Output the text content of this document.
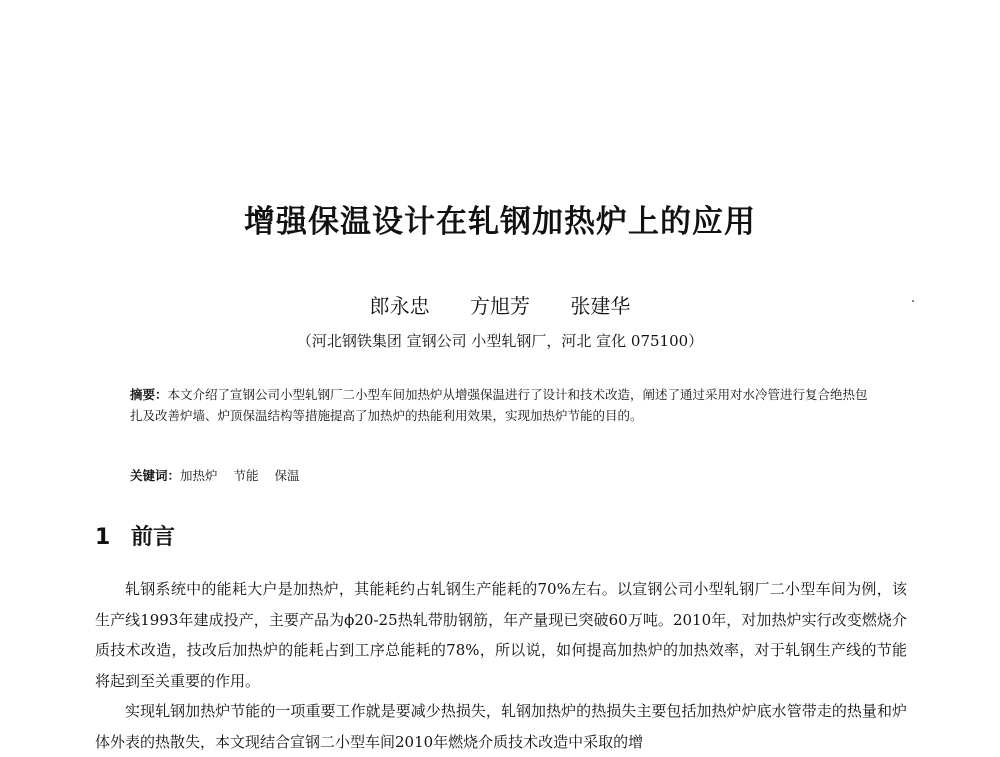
增强保温设计在轧钢加热炉上的应用
郎永忠 方旭芳 张建华
（河北钢铁集团 宣钢公司 小型轧钢厂，河北 宣化 075100）
摘要：本文介绍了宣钢公司小型轧钢厂二小型车间加热炉从增强保温进行了设计和技术改造，阐述了通过采用对水冷管进行复合绝热包扎及改善炉墙、炉顶保温结构等措施提高了加热炉的热能利用效果，实现加热炉节能的目的。
关键词：加热炉 节能 保温
1 前言

轧钢系统中的能耗大户是加热炉，其能耗约占轧钢生产能耗的70%左右。以宣钢公司小型轧钢厂二小型车间为例，该生产线1993年建成投产，主要产品为ϕ20-25热轧带肋钢筋，年产量现已突破60万吨。2010年，对加热炉实行改变燃烧介质技术改造，技改后加热炉的能耗占到工序总能耗的78%，所以说，如何提高加热炉的加热效率，对于轧钢生产线的节能将起到至关重要的作用。

实现轧钢加热炉节能的一项重要工作就是要减少热损失，轧钢加热炉的热损失主要包括加热炉炉底水管带走的热量和炉体外表的热散失，本文现结合宣钢二小型车间2010年燃烧介质技术改造中采取的增
